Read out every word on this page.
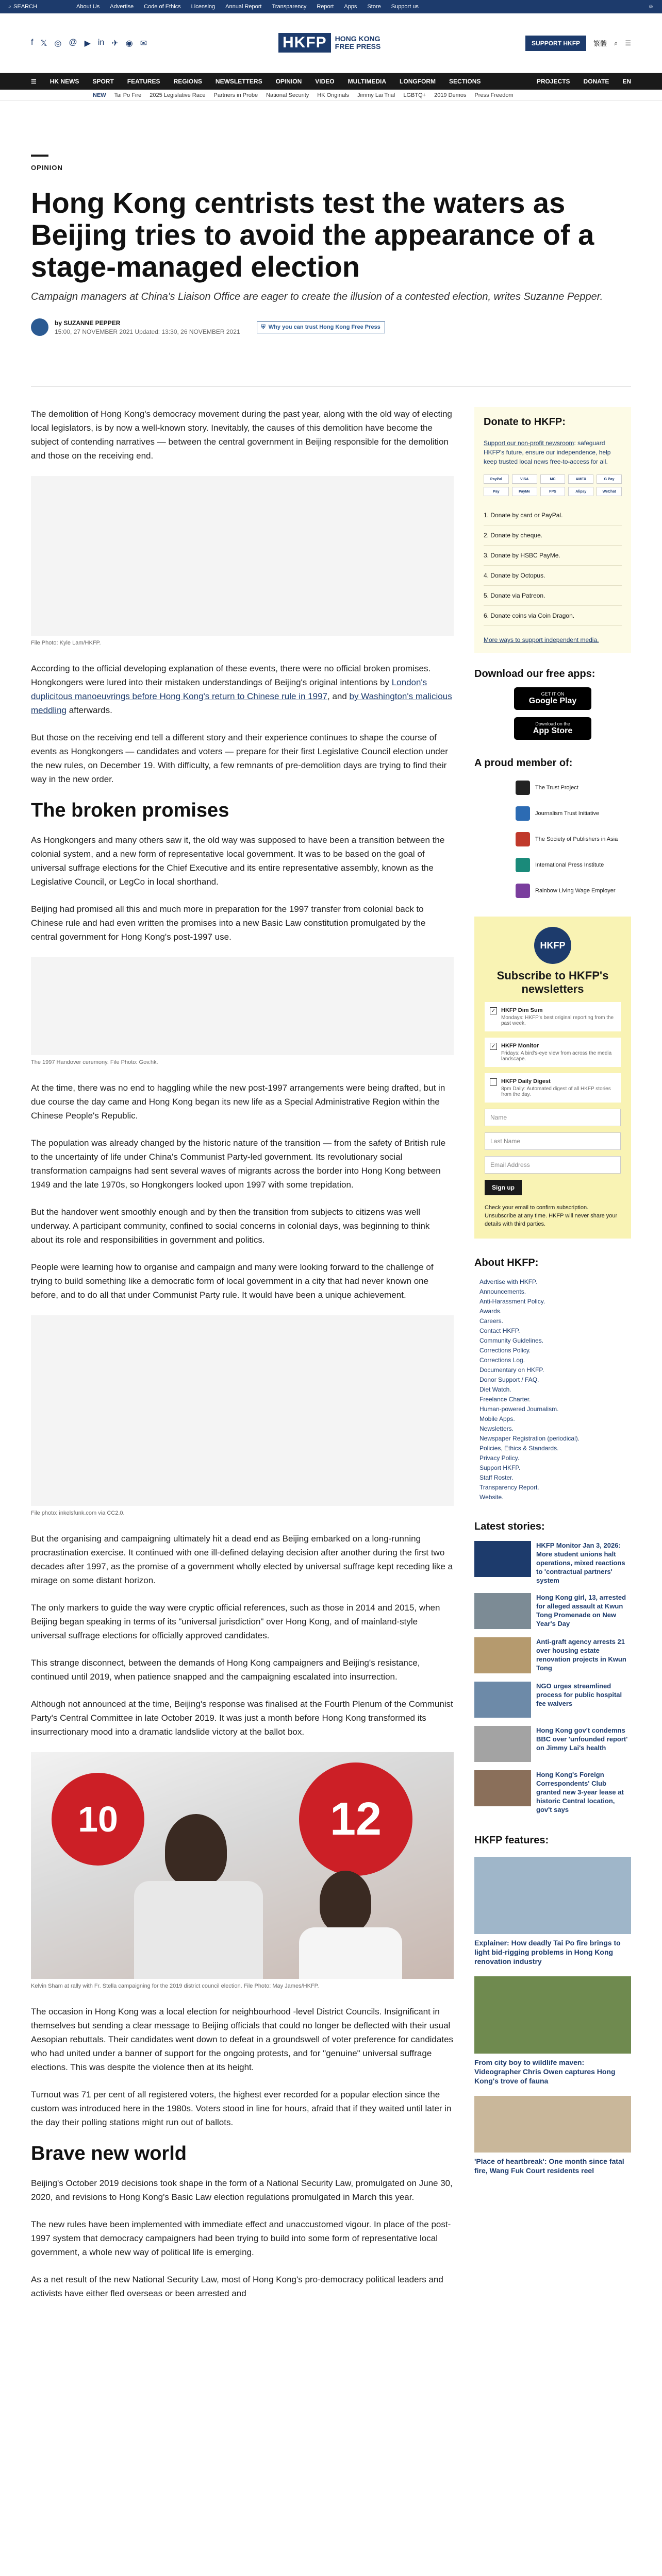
⌕ SEARCH	About Us Advertise Code of Ethics Licensing Annual Report Transparency Report Apps Store Support us	☺
f 𝕏 ◎ @ ▶ in ✈ ◉ ✉	HKFP	HONG KONG
FREE PRESS	SUPPORT HKFP	繁體 ⌕ ☰
☰ HK NEWS SPORT FEATURES REGIONS NEWSLETTERS OPINION VIDEO MULTIMEDIA LONGFORM SECTIONS	PROJECTS DONATE EN
NEW Tai Po Fire 2025 Legislative Race Partners in Probe National Security HK Originals Jimmy Lai Trial LGBTQ+ 2019 Demos Press Freedom
OPINION
Hong Kong centrists test the waters as Beijing tries to avoid the appearance of a stage-managed election
Campaign managers at China's Liaison Office are eager to create the illusion of a contested election, writes Suzanne Pepper.
by SUZANNE PEPPER
15:00, 27 NOVEMBER 2021 Updated: 13:30, 26 NOVEMBER 2021
⛨ Why you can trust Hong Kong Free Press

The demolition of Hong Kong's democracy movement during the past year, along with the old way of electing local legislators, is by now a well-known story. Inevitably, the causes of this demolition have become the subject of contending narratives — between the central government in Beijing responsible for the demolition and those on the receiving end.

File Photo: Kyle Lam/HKFP.

According to the official developing explanation of these events, there were no official broken promises. Hongkongers were lured into their mistaken understandings of Beijing's original intentions by London's duplicitous manoeuvrings before Hong Kong's return to Chinese rule in 1997, and by Washington's malicious meddling afterwards.

But those on the receiving end tell a different story and their experience continues to shape the course of events as Hongkongers — candidates and voters — prepare for their first Legislative Council election under the new rules, on December 19. With difficulty, a few remnants of pre-demolition days are trying to find their way in the new order.

The broken promises

As Hongkongers and many others saw it, the old way was supposed to have been a transition between the colonial system, and a new form of representative local government. It was to be based on the goal of universal suffrage elections for the Chief Executive and its entire representative assembly, known as the Legislative Council, or LegCo in local shorthand.

Beijing had promised all this and much more in preparation for the 1997 transfer from colonial back to Chinese rule and had even written the promises into a new Basic Law constitution promulgated by the central government for Hong Kong's post-1997 use.

The 1997 Handover ceremony. File Photo: Gov.hk.

At the time, there was no end to haggling while the new post-1997 arrangements were being drafted, but in due course the day came and Hong Kong began its new life as a Special Administrative Region within the Chinese People's Republic.

The population was already changed by the historic nature of the transition — from the safety of British rule to the uncertainty of life under China's Communist Party-led government. Its revolutionary social transformation campaigns had sent several waves of migrants across the border into Hong Kong between 1949 and the late 1970s, so Hongkongers looked upon 1997 with some trepidation.

But the handover went smoothly enough and by then the transition from subjects to citizens was well underway. A participant community, confined to social concerns in colonial days, was beginning to think about its role and responsibilities in government and politics.

People were learning how to organise and campaign and many were looking forward to the challenge of trying to build something like a democratic form of local government in a city that had never known one before, and to do all that under Communist Party rule. It would have been a unique achievement.

File photo: inkelsfunk.com via CC2.0.

But the organising and campaigning ultimately hit a dead end as Beijing embarked on a long-running procrastination exercise. It continued with one ill-defined delaying decision after another during the first two decades after 1997, as the promise of a government wholly elected by universal suffrage kept receding like a mirage on some distant horizon.

The only markers to guide the way were cryptic official references, such as those in 2014 and 2015, when Beijing began speaking in terms of its "universal jurisdiction" over Hong Kong, and of mainland-style universal suffrage elections for officially approved candidates.

This strange disconnect, between the demands of Hong Kong campaigners and Beijing's resistance, continued until 2019, when patience snapped and the campaigning escalated into insurrection.

Although not announced at the time, Beijing's response was finalised at the Fourth Plenum of the Communist Party's Central Committee in late October 2019. It was just a month before Hong Kong transformed its insurrectionary mood into a dramatic landslide victory at the ballot box.

10	12
Kelvin Sham at rally with Fr. Stella campaigning for the 2019 district council election. File Photo: May James/HKFP.

The occasion in Hong Kong was a local election for neighbourhood -level District Councils. Insignificant in themselves but sending a clear message to Beijing officials that could no longer be deflected with their usual Aesopian rebuttals. Their candidates went down to defeat in a groundswell of voter preference for candidates who had united under a banner of support for the ongoing protests, and for "genuine" universal suffrage elections. This was despite the violence then at its height.

Turnout was 71 per cent of all registered voters, the highest ever recorded for a popular election since the custom was introduced here in the 1980s. Voters stood in line for hours, afraid that if they waited until later in the day their polling stations might run out of ballots.

Brave new world

Beijing's October 2019 decisions took shape in the form of a National Security Law, promulgated on June 30, 2020, and revisions to Hong Kong's Basic Law election regulations promulgated in March this year.

The new rules have been implemented with immediate effect and unaccustomed vigour. In place of the post-1997 system that democracy campaigners had been trying to build into some form of representative local government, a whole new way of political life is emerging.

As a net result of the new National Security Law, most of Hong Kong's pro-democracy political leaders and activists have either fled overseas or been arrested and

Donate to HKFP:
Support our non-profit newsroom: safeguard HKFP's future, ensure our independence, help keep trusted local news free-to-access for all.
PayPal	VISA	MC	AMEX	G Pay
Pay	PayMe	FPS	Alipay	WeChat
1. Donate by card or PayPal.
2. Donate by cheque.
3. Donate by HSBC PayMe.
4. Donate by Octopus.
5. Donate via Patreon.
6. Donate coins via Coin Dragon.
More ways to support independent media.
Download our free apps:
GET IT ON
Google Play
Download on the
App Store
A proud member of:
The Trust Project
Journalism Trust Initiative
The Society of Publishers in Asia
International Press Institute
Rainbow Living Wage Employer
HKFP
Subscribe to HKFP's newsletters
✓ HKFP Dim Sum
Mondays: HKFP's best original reporting from the past week.
✓ HKFP Monitor
Fridays: A bird's-eye view from across the media landscape.
HKFP Daily Digest
8pm Daily: Automated digest of all HKFP stories from the day.
Name
Last Name
Email Address
Sign up
Check your email to confirm subscription. Unsubscribe at any time. HKFP will never share your details with third parties.
About HKFP:
Advertise with HKFP.
Announcements.
Anti-Harassment Policy.
Awards.
Careers.
Contact HKFP.
Community Guidelines.
Corrections Policy.
Corrections Log.
Documentary on HKFP.
Donor Support / FAQ.
Diet Watch.
Freelance Charter.
Human-powered Journalism.
Mobile Apps.
Newsletters.
Newspaper Registration (periodical).
Policies, Ethics & Standards.
Privacy Policy.
Support HKFP.
Staff Roster.
Transparency Report.
Website.
Latest stories:
HKFP Monitor Jan 3, 2026: More student unions halt operations, mixed reactions to 'contractual partners' system
Hong Kong girl, 13, arrested for alleged assault at Kwun Tong Promenade on New Year's Day
Anti-graft agency arrests 21 over housing estate renovation projects in Kwun Tong
NGO urges streamlined process for public hospital fee waivers
Hong Kong gov't condemns BBC over 'unfounded report' on Jimmy Lai's health
Hong Kong's Foreign Correspondents' Club granted new 3-year lease at historic Central location, gov't says
HKFP features:
Explainer: How deadly Tai Po fire brings to light bid-rigging problems in Hong Kong renovation industry
From city boy to wildlife maven: Videographer Chris Owen captures Hong Kong's trove of fauna
'Place of heartbreak': One month since fatal fire, Wang Fuk Court residents reel
